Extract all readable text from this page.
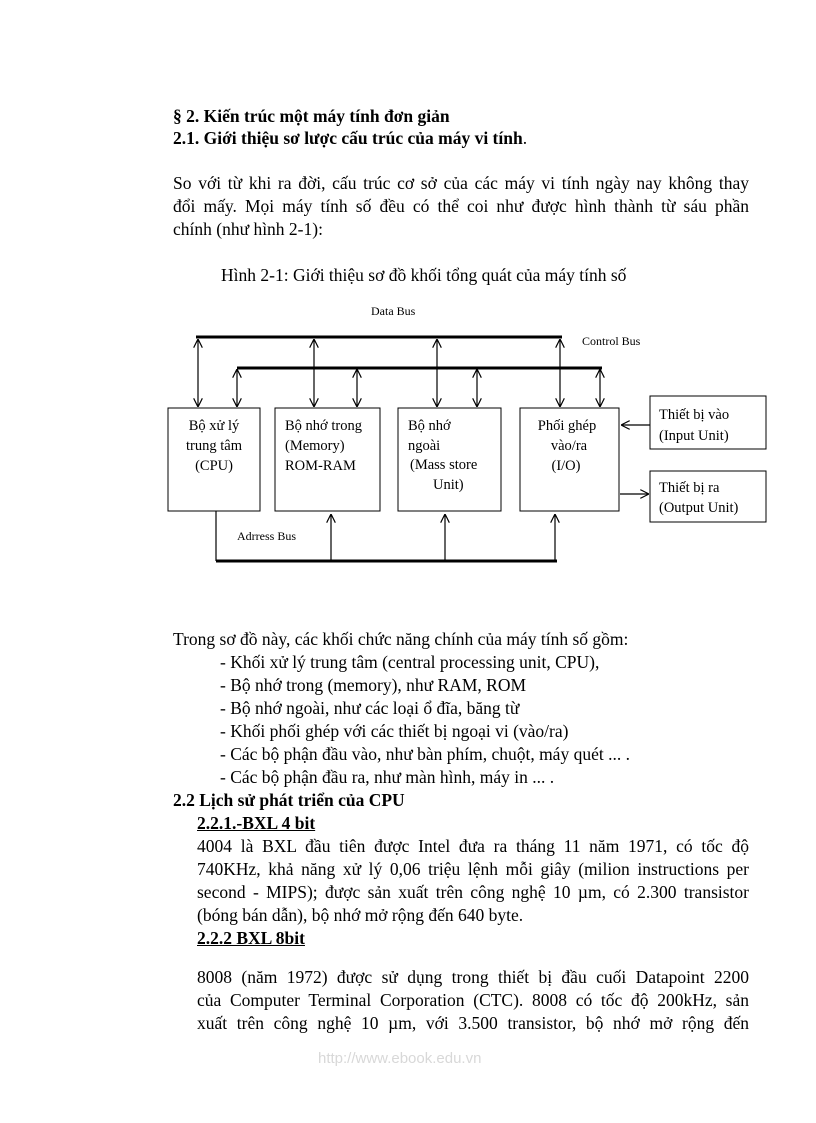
§ 2. Kiến trúc một máy tính đơn giản
2.1. Giới thiệu sơ lược cấu trúc của máy vi tính.
So với từ khi ra đời, cấu trúc cơ sở của các máy vi tính ngày nay không thay
đổi mấy. Mọi máy tính số đều có thể coi như được hình thành từ sáu phần
chính (như hình 2-1):
Hình 2-1: Giới thiệu sơ đồ khối tổng quát của máy tính số
Data Bus
Control Bus
Adrress Bus
Bộ xử lý
trung tâm
(CPU)
Bộ nhớ trong
(Memory)
ROM-RAM
Bộ nhớ
ngoài
(Mass store
Unit)
Phối ghép
vào/ra
(I/O)
Thiết bị vào
(Input Unit)
Thiết bị ra
(Output Unit)
Trong sơ đồ này, các khối chức năng chính của máy tính số gồm:
- Khối xử lý trung tâm (central processing unit, CPU),
- Bộ nhớ trong (memory), như RAM, ROM
- Bộ nhớ ngoài, như các loại ổ đĩa, băng từ
- Khối phối ghép với các thiết bị ngoại vi (vào/ra)
- Các bộ phận đầu vào, như bàn phím, chuột, máy quét ... .
- Các bộ phận đầu ra, như màn hình, máy in ... .
2.2 Lịch sử phát triển của CPU
2.2.1.-BXL 4 bit
4004 là BXL đầu tiên được Intel đưa ra tháng 11 năm 1971, có tốc độ
740KHz, khả năng xử lý 0,06 triệu lệnh mỗi giây (milion instructions per
second - MIPS); được sản xuất trên công nghệ 10 µm, có 2.300 transistor
(bóng bán dẫn), bộ nhớ mở rộng đến 640 byte.
2.2.2 BXL 8bit
8008 (năm 1972) được sử dụng trong thiết bị đầu cuối Datapoint 2200
của Computer Terminal Corporation (CTC). 8008 có tốc độ 200kHz, sản
xuất trên công nghệ 10 µm, với 3.500 transistor, bộ nhớ mở rộng đến
http://www.ebook.edu.vn
